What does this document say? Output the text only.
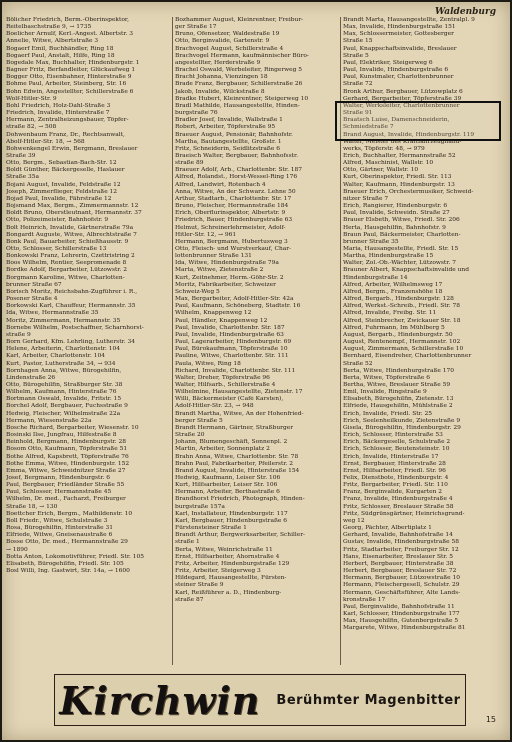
Waldenburg
Bölicher Friedrich, Berm.-Oberinspektor,
Reitelbaschstraße 9, → 1735
Boelicher Arnulf, Kerl.-Angest. Albertstr. 3
Annelie, Witwe, Albertstraße 3
Bogaerf Emil, Buchhändler, Ring 18
Bogaerf Paul, Anstalt, Hilfe, Ring 18
Bogedale Max, Buchhalter, Hindenburgstr. 1
Bagner Fritz, Berfandleiter, Glückaufweg 1
Bogger Otto, Eisenbahner, Hinterstraße 9
Bohme Paul, Arbeiter, Steinberg, Str. 16
Bohn Edwin, Angestellter, Schillerstraße 6
Wolf-Hitler-Str. 9
Bohl Friedrich, Holz-Dahl-Straße 3
Friedrich, Invalide, Hinterstraße 7
Hermann, Zentralheizungsbauer, Töpfer-
straße 82, → 508
Dohwenbaum Franz, Dr., Rechtsanwalt,
Abolf-Hitler-Str. 18, → 568
Bohwenkengel Erwin, Bergmann, Breslauer
Straße 39
Otto, Bergm., Sebastian-Bach-Str. 12
Boldt Günther, Bäckergeselle, Haslauer
Straße 35a
Bojani August, Invalide, Feldstraße 12
Joseph, Zimmerflieger, Feldstraße 12
Bojad Paul, Invalide, Fährstraße 12
Bojsmand Max, Bergm., Zimmermannstr. 12
Boldt Bruno, Oberstleutnant, Hermannstr. 37
Otto, Polizeimeister, Bahnhofstr. 9
Bolt Heinrich, Invalide, Gärtnerstraße 79a
Bongardt Auguste, Witwe, Albrechtstraße 7
Bonk Paul, Bauarbeiter, Schießhausstr. 9
Otto, Schlosser, Schillerstraße 13
Bonkowski Franz, Lehrerin, Czettristring 2
Boos Wilhelm, Rentier, Seepromenade 8
Bordke Adolf, Bergarbeiter, Lützowstr. 2
Borgmann Karoline, Witwe, Charlotten-
brunner Straße 67
Borisch Moritz, Reichsbahn-Zugführer i. R.,
Posener Straße 4
Borkowski Karl, Chauffeur, Hermannstr. 35
Ida, Witwe, Hermannstraße 35
Moritz, Zimmermann, Hermannstr. 35
Bornebe Wilhelm, Postschaffner, Scharnhorst-
straße 9
Born Gerhard, Kfm. Lehrling, Lutherstr. 34
Helene, Arbeiterin, Charlottenstr. 104
Karl, Arbeiter, Charlottenstr. 104
Kurt, Pastor, Lutherstraße 34, → 934
Bornhagen Anna, Witwe, Bürogehilfin,
Lindenstraße 26
Otto, Bürogehilfin, Straßburger Str. 38
Wilhelm, Kaufmann, Hinterstraße 76
Bortmann Oswald, Invalide, Fritstr. 15
Borchel Adolf, Bergbauer, Fuchsstraße 9
Hedwig, Fleischer, Wilhelmstraße 22a
Hermann, Wiesenstraße 22a
Bosche Richard, Bergarbeiter, Wiesenstr. 10
Bosinski Ilse, Jungfrau, Hilfestraße 8
Reinhold, Bergmann, Hindenburgstr. 28
Bosom Otto, Kaufmann, Töpferstraße 51
Bothe Alfred, Kapsbrett, Töpferstraße 76
Bothe Emma, Witwe, Hindenburgstr. 152
Emma, Witwe, Schweidnitzer Straße 27
Josef, Bergmann, Hindenburgstr. 6
Paul, Bergbauer, Friedländer Straße 55
Paul, Schlosser, Hermannstraße 45
Wilhelm, Dr. med., Facharzt, Freiburger
Straße 18, → 130
Boettcher Erich, Bergm., Mathildenstr. 10
Boll Friedr., Witwe, Schulstraße 3
Rosa, Bürogehilfin, Hinterstraße 31
Elfriede, Witwe, Gneisenaustraße 6
Bosse Otto, Dr. med., Hermannstraße 29
→ 1890
Botta Anton, Lokomotivführer, Friedl. Str. 105
Elisabeth, Bürogehilfin, Friedl. Str. 105
Bosl Willi, Ing. Gastwirt, Str. 14a, → 1600
Bozhammer August, Kleinrentner, Freibur-
ger Straße 17
Bruno, Ofensetzer, Waldestraße 19
Otto, Berginvalide, Gartenstr. 9
Brachvogel August, Schillerstraße 4
Brachvogel Hermann, kaufmännischer Büro-
angestellter, Herderstraße 9
Brachel Oswald, Werbeleiter, Ringerweg 5
Bracht Johanna, Vienzingen 18
Brade Franz, Bergbauer, Schillerstraße 26
Jakob, Invalide, Wilckstraße 8
Bradke Hubert, Kleinrentner, Steigerweg 10
Bradl Mathilde, Hausangestellte, Hinden-
burgstraße 76
Bradler Josef, Invalide, Wallstraße 1
Robert, Arbeiter, Töpferstraße 95
Braeuer August, Pensionär, Bahnhofstr.
Martha, Bautangestellte, Großstr. 1
Fritz, Schneiderin, Seidlitzstraße 6
Braeisch Walter, Bergbauer, Bahnhofsstr.
straße 89
Braeuer Adolf, Arb., Charlottenbr. Str. 187
Alfred, Rolandst., Horst-Wessel-Ring 176
Alfred, Landwirt, Rotenbach 4
Anna, Witwe, An der Schwarz. Lehne 50
Arthur, Stadtarb., Charlottenbr. Str. 17
Bruno, Fleischer, Hermannstraße 184
Erich, Oberflurinspektor, Albertstr. 9
Friedrich, Bauer, Hindenburgstraße 63
Helmut, Schreinerlehrmeister, Adolf-
Hitler-Str. 12, → 961
Hermann, Bergmann, Hubertusweg 3
Otto, Fleisch- und Wurstverkauf, Char-
lottenbrunner Straße 131
Ida, Witwe, Hindenburgstraße 79a
Marta, Witwe, Zietenstraße 2
Kurt, Zeitnehmer, Herm.-Göhr-Str. 2
Moritz, Fabrikarbeiter, Schweizer
Schweiz-Weg 5
Max, Bergarbeiter, Adolf-Hitler-Str. 42a
Paul, Kaufmann, Schöneberg, Stadtstr. 16
Wilhelm, Knappenweg 12
Paul, Händler, Knappenweg 12
Paul, Invalide, Charlottenbr. Str. 187
Paul, Invalide, Hindenburgstraße 63
Paul, Lagerarbeiter, Hindenburgstr. 69
Paul, Bürokaufmann, Töpferstraße 10
Pauline, Witwe, Charlottenbr. Str. 111
Paula, Witwe, Ring 18
Richard, Invalide, Charlottenbr. Str. 111
Walter, Dreher, Töpferstraße 96
Walter, Hilfsarb., Schillerstraße 4
Wilhelmine, Hausangestellte, Zietenstr. 17
Willi, Bäckermeister (Café Karsten),
Adolf-Hitler-Str. 23, → 948
Brandt Martha, Witwe, An der Hohenfried-
berger Straße 5
Brandt Hermann, Gärtner, Straßburger
Straße 20
Johann, Blumengeschäft, Sonnenpl. 2
Martin, Arbeiter, Sonnenplatz 2
Brahn Anna, Witwe, Charlottenbr. Str. 78
Brahn Paul, Fabrikarbeiter, Pfeilerstr. 2
Brand August, Invalide, Hinterstraße 154
Hedwig, Kaufmann, Leiser Str. 106
Kurt, Hilfsarbeiter, Leiser Str. 106
Hermann, Arbeiter, Berthastraße 6
Brandhorst Friedrich, Photograph, Hinden-
burgstraße 157a
Karl, Installateur, Hindenburgstr. 117
Karl, Bergbauer, Hindenburgstraße 6
Fürstensteiner Straße 1
Brandt Arthur, Bergwerksarbeiter, Schiller-
straße 1
Berta, Witwe, Weinrichstraße 11
Ernst, Hilfsarbeiter, Ahornstraße 4
Fritz, Arbeiter, Hindenburgstraße 129
Fritz, Arbeiter, Steigerweg 3
Hildegard, Hausangestellte, Fürsten-
steiner Straße 9
Karl, Reißführer a. D., Hindenburg-
straße 87
Brandt Marta, Hausangestellte, Zentralpl. 9
Max, Invalide, Hindenburgstraße 151
Max, Schlossermeister, Gottesberger
Straße 15
Paul, Knappschaftsinvalide, Breslauer
Straße 5
Paul, Elektriker, Steigerweg 6
Paul, Invalide, Hindenburgstraße 6
Paul, Kunstmaler, Charlottenbrunner
Straße 72
Bronk Arthur, Bergbauer, Lützowplatz 6
Gerhard, Bergarbeiter, Töpferstraße 39
Walter, Werksleiter, Charlottenbrunner
Straße 91
Braatsch Luise, Damenschneiderin,
Schmiedstraße 7
Brand August, Invalide, Hindenburgstr. 119
Walter, Meister des Kraftfahrzeughand-
werks, Töpferstr. 48, → 979
Erich, Buchhalter, Hermannstraße 52
Alfred, Maschinist, Wallstr. 10
Otto, Gärtner, Wallstr. 10
Kurt, Oberinspektor, Friedl. Str. 113
Walter, Kaufmann, Hindenburgstr. 13
Braeuer Erich, Orchestermusiker, Schweid-
nitzer Straße 7
Erich, Rangierer, Hindenburgstr. 6
Paul, Invalide, Schweidn. Straße 27
Brauer Elsbeth, Witwe, Friedl. Str. 206
Herta, Hausgehilfin, Bahnhofstr. 9
Braun Paul, Bäckermeister, Charlotten-
brunner Straße 35
Maria, Hausangestellte, Friedl. Str. 15
Martha, Hindenburgstraße 15
Walter, Zol.-Ob.-Wächter, Lützowstr. 7
Brauner Albert, Knappschaftsinvalide und
Hindenburgstraße 14
Alfred, Arbeiter, Wilhelmsweg 17
Alfred, Bergm., Franzenshöhe 18
Alfred, Bergarb., Hindenburgstr. 128
Alfred, Werkst.-Schreib., Friedl. Str. 78
Alfred, Invalide, Freibg. Str. 11
Alfred, Steinbrecher, Zwickauer Str. 18
Alfred, Fuhrmann, Im Mühlberg 5
August, Bergarb., Hindenburgstr. 50
August, Rentenempf., Hermannstr. 102
August, Zimmermann, Schillerstraße 10
Bernhard, Eisendreher, Charlottenbrunner
Straße 52
Berta, Witwe, Hindenburgstraße 170
Berta, Witwe, Töpferstraße 6
Bertha, Witwe, Breslauer Straße 59
Emil, Invalide, Ringstraße 9
Elisabeth, Bürogehilfin, Zietenstr. 13
Elfriede, Hausgehilfin, Mühlstraße 2
Erich, Invalide, Friedl. Str. 25
Erich, Seelenheilkunde, Zietenstraße 9
Gisela, Bürogehilfin, Hindenburgstr. 29
Erich, Schlosser, Hinterstraße 53
Erich, Bäckergeselle, Schulstraße 2
Erich, Schlosser, Beutensteinstr. 10
Erich, Invalide, Hinterstraße 17
Ernst, Bergbauer, Hinterstraße 28
Ernst, Hilfsarbeiter, Friedl. Str. 96
Felix, Dienstbote, Hindenburgstr. 4
Fritz, Bergarbeiter, Friedl. Str. 110
Franz, Berginvalide, Kurgarten 2
Franz, Invalide, Hindenburgstraße 4
Fritz, Schlosser, Breslauer Straße 58
Fritz, Südgrünsgärtner, Heinrichsgrund-
weg 12
Georg, Pächter, Albertiplatz 1
Gerhard, Invalide, Bahnhofstraße 14
Gustav, Invalide, Hindenburgstraße 58
Fritz, Stadtarbeiter, Freiburger Str. 12
Hans, Eisenarbeiter, Breslauer Str. 5
Herbert, Bergbauer, Hinterstraße 38
Herbert, Bergbauer, Breslauer Str. 72
Hermann, Bergbauer, Lützowstraße 10
Hermann, Fleischergesell, Schulstr. 29
Hermann, Geschäftsführer, Alte Lands-
kronstraße 17
Paul, Berginvalide, Bahnhofstraße 11
Karl, Schlosser, Hindenburgstraße 177
Max, Hausgehilfin, Gutenbergstraße 5
Margarete, Witwe, Hindenburgstraße 81
Kirchwin Berühmter Magenbitter
15
